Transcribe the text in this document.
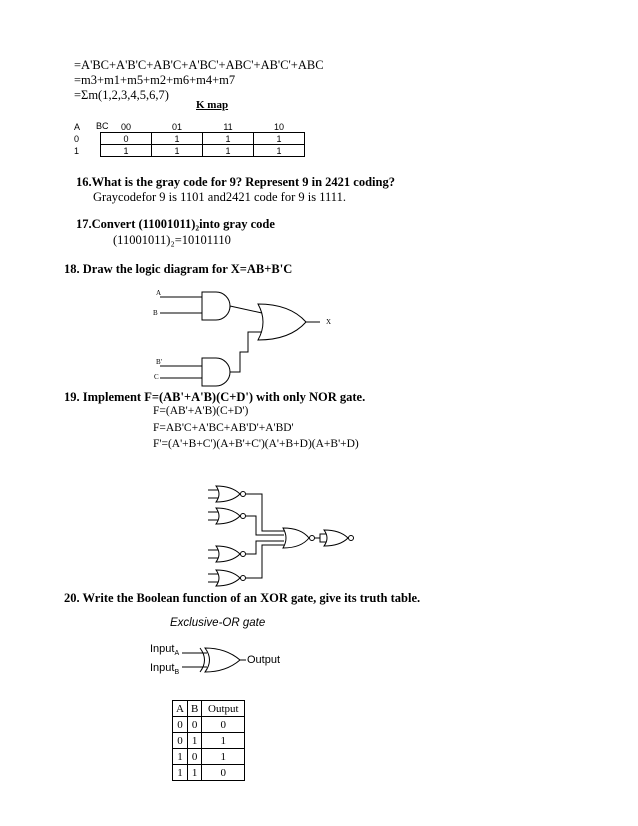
=A'BC+A'B'C+AB'C+A'BC'+ABC'+AB'C'+ABC
=m3+m1+m5+m2+m6+m4+m7
=Σm(1,2,3,4,5,6,7)
K map
A BC	00	01	11	10
0	0	1	1	1
1	1	1	1	1
16.What is the gray code for 9? Represent 9 in 2421 coding?
Graycodefor 9 is 1101 and2421 code for 9 is 1111.
17.Convert (11001011)₂into gray code
(11001011)₂=10101110
18. Draw the logic diagram for X=AB+B'C
A
B
B'
C
X
19. Implement F=(AB'+A'B)(C+D') with only NOR gate.
F=(AB'+A'B)(C+D')
F=AB'C+A'BC+AB'D'+A'BD'
F'=(A'+B+C')(A+B'+C')(A'+B+D)(A+B'+D)
20. Write the Boolean function of an XOR gate, give its truth table.
Exclusive-OR gate
Input$_A$
Input$_B$
Output
A	B	Output
0	0	0
0	1	1
1	0	1
1	1	0
